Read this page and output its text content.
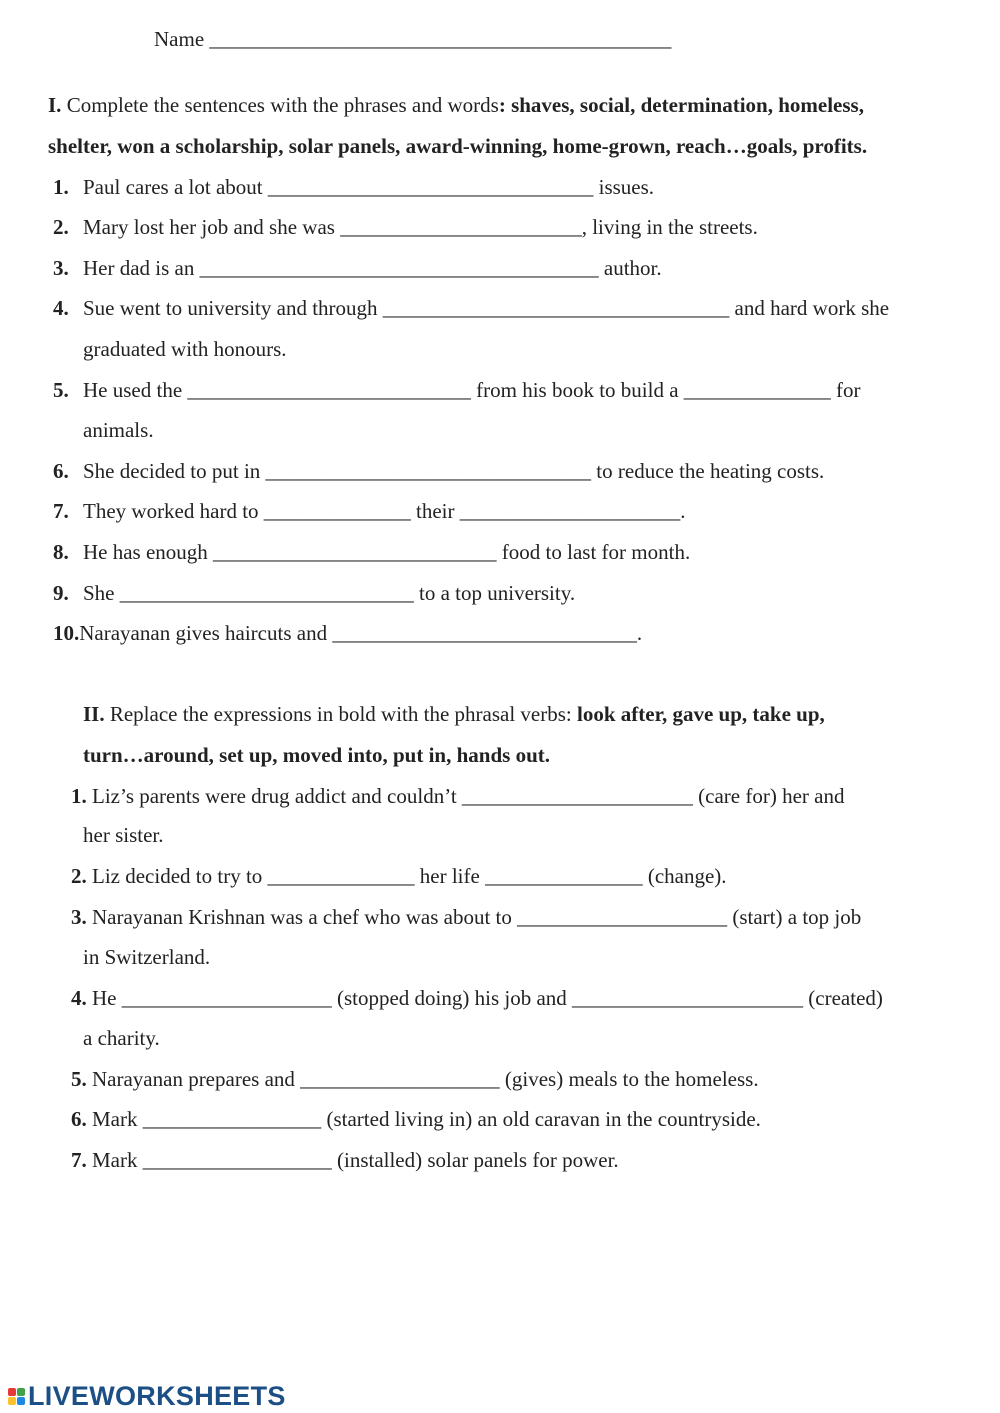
Name ____________________________________________
I. Complete the sentences with the phrases and words: shaves, social, determination, homeless,
shelter, won a scholarship, solar panels, award-winning, home-grown, reach…goals, profits.
1. Paul cares a lot about _______________________________ issues.
2. Mary lost her job and she was _______________________, living in the streets.
3. Her dad is an ______________________________________ author.
4. Sue went to university and through _________________________________ and hard work she
graduated with honours.
5. He used the ___________________________ from his book to build a ______________ for
animals.
6. She decided to put in _______________________________ to reduce the heating costs.
7. They worked hard to ______________ their _____________________.
8. He has enough ___________________________ food to last for month.
9. She ____________________________ to a top university.
10.Narayanan gives haircuts and _____________________________.
II. Replace the expressions in bold with the phrasal verbs: look after, gave up, take up,
turn…around, set up, moved into, put in, hands out.
1. Liz’s parents were drug addict and couldn’t ______________________ (care for) her and
her sister.
2. Liz decided to try to ______________ her life _______________ (change).
3. Narayanan Krishnan was a chef who was about to ____________________ (start) a top job
in Switzerland.
4. He ____________________ (stopped doing) his job and ______________________ (created)
a charity.
5. Narayanan prepares and ___________________ (gives) meals to the homeless.
6. Mark _________________ (started living in) an old caravan in the countryside.
7. Mark __________________ (installed) solar panels for power.
LIVEWORKSHEETS
